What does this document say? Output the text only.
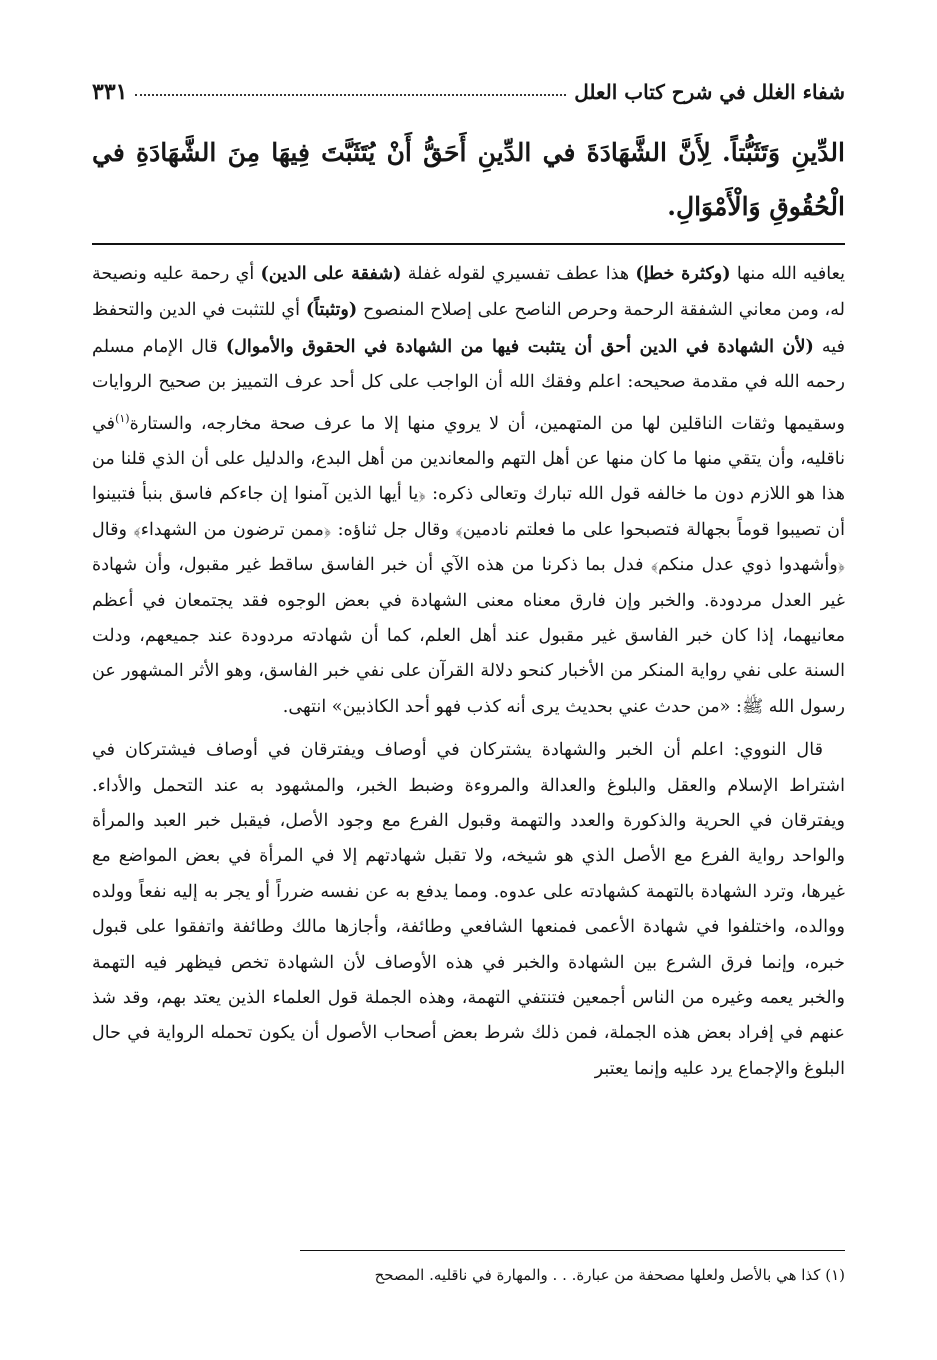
شفاء الغلل في شرح كتاب العلل
٣٣١
الدِّينِ وَتَثَبُّتاً. لِأَنَّ الشَّهَادَةَ في الدِّينِ أَحَقُّ أَنْ يُتَثَبَّتَ فِيهَا مِنَ الشَّهَادَةِ في الْحُقُوقِ وَالْأَمْوَالِ.

يعافيه الله منها (وكثرة خطإ) هذا عطف تفسيري لقوله غفلة (شفقة على الدين) أي رحمة عليه ونصيحة له، ومن معاني الشفقة الرحمة وحرص الناصح على إصلاح المنصوح (وتثبتاً) أي للتثبت في الدين والتحفظ فيه (لأن الشهادة في الدين أحق أن يتثبت فيها من الشهادة في الحقوق والأموال) قال الإمام مسلم رحمه الله في مقدمة صحيحه: اعلم وفقك الله أن الواجب على كل أحد عرف التمييز بن صحيح الروايات وسقيمها وثقات الناقلين لها من المتهمين، أن لا يروي منها إلا ما عرف صحة مخارجه، والستارة$^{(١)}$في ناقليه، وأن يتقي منها ما كان منها عن أهل التهم والمعاندين من أهل البدع، والدليل على أن الذي قلنا من هذا هو اللازم دون ما خالفه قول الله تبارك وتعالى ذكره: ﴿يا أيها الذين آمنوا إن جاءكم فاسق بنبأ فتبينوا أن تصيبوا قوماً بجهالة فتصبحوا على ما فعلتم نادمين﴾ وقال جل ثناؤه: ﴿ممن ترضون من الشهداء﴾ وقال ﴿وأشهدوا ذوي عدل منكم﴾ فدل بما ذكرنا من هذه الآي أن خبر الفاسق ساقط غير مقبول، وأن شهادة غير العدل مردودة. والخبر وإن فارق معناه معنى الشهادة في بعض الوجوه فقد يجتمعان في أعظم معانيهما، إذا كان خبر الفاسق غير مقبول عند أهل العلم، كما أن شهادته مردودة عند جميعهم، ودلت السنة على نفي رواية المنكر من الأخبار كنحو دلالة القرآن على نفي خبر الفاسق، وهو الأثر المشهور عن رسول الله ﷺ: «من حدث عني بحديث يرى أنه كذب فهو أحد الكاذبين» انتهى.

قال النووي: اعلم أن الخبر والشهادة يشتركان في أوصاف ويفترقان في أوصاف فيشتركان في اشتراط الإسلام والعقل والبلوغ والعدالة والمروءة وضبط الخبر، والمشهود به عند التحمل والأداء. ويفترقان في الحرية والذكورة والعدد والتهمة وقبول الفرع مع وجود الأصل، فيقبل خبر العبد والمرأة والواحد رواية الفرع مع الأصل الذي هو شيخه، ولا تقبل شهادتهم إلا في المرأة في بعض المواضع مع غيرها، وترد الشهادة بالتهمة كشهادته على عدوه. ومما يدفع به عن نفسه ضرراً أو يجر به إليه نفعاً وولده ووالده، واختلفوا في شهادة الأعمى فمنعها الشافعي وطائفة، وأجازها مالك وطائفة واتفقوا على قبول خبره، وإنما فرق الشرع بين الشهادة والخبر في هذه الأوصاف لأن الشهادة تخص فيظهر فيه التهمة والخبر يعمه وغيره من الناس أجمعين فتنتفي التهمة، وهذه الجملة قول العلماء الذين يعتد بهم، وقد شذ عنهم في إفراد بعض هذه الجملة، فمن ذلك شرط بعض أصحاب الأصول أن يكون تحمله الرواية في حال البلوغ والإجماع يرد عليه وإنما يعتبر

(١) كذا هي بالأصل ولعلها مصحفة من عبارة. . . والمهارة في ناقليه. المصحح
